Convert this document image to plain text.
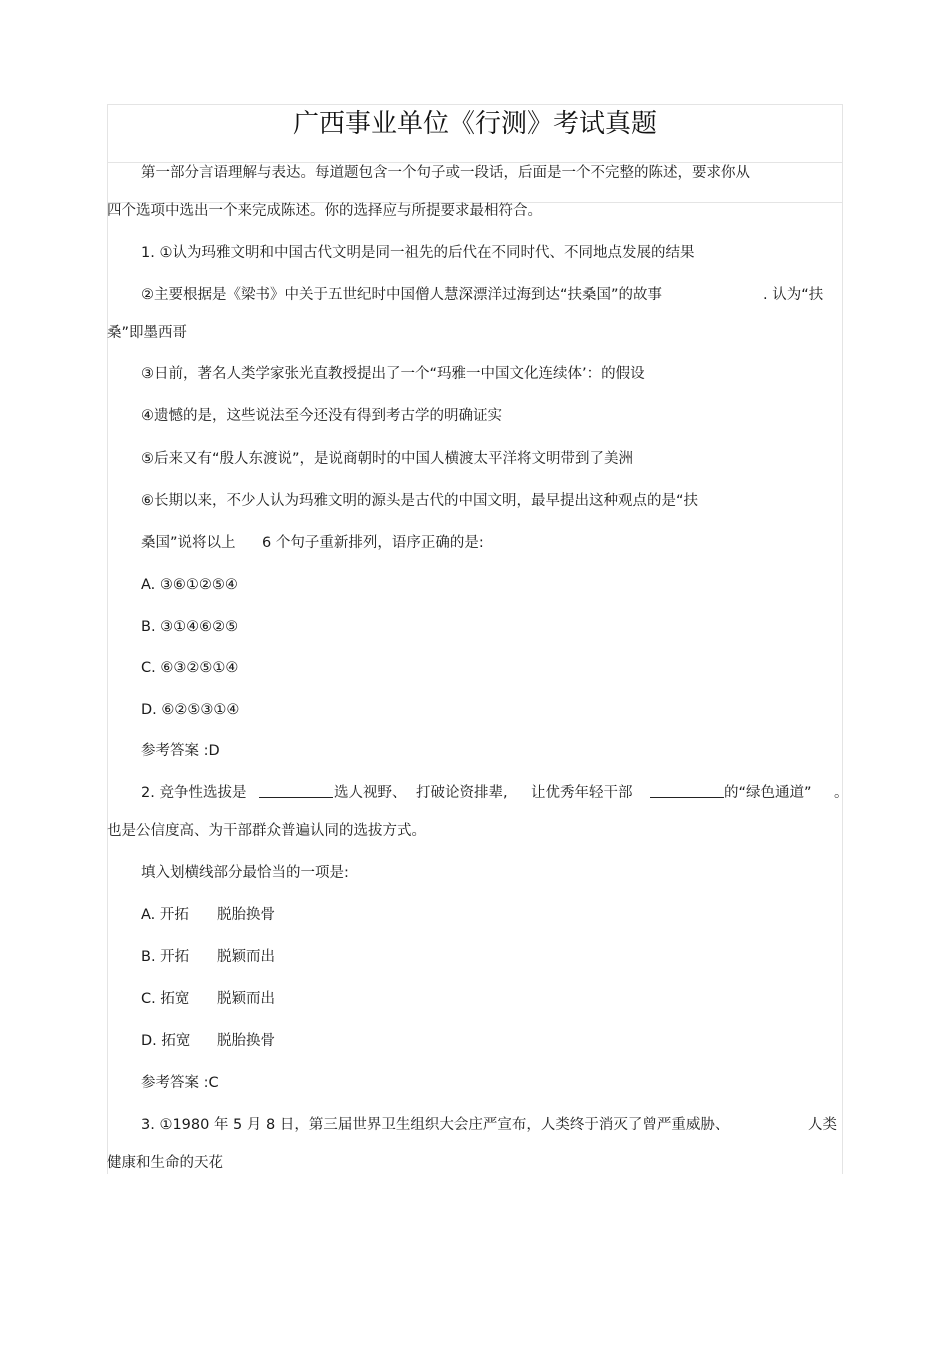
广西事业单位《行测》考试真题
第一部分言语理解与表达。每道题包含一个句子或一段话，后面是一个不完整的陈述，要求你从
四个选项中选出一个来完成陈述。你的选择应与所提要求最相符合。
1. ①认为玛雅文明和中国古代文明是同一祖先的后代在不同时代、不同地点发展的结果
②主要根据是《梁书》中关于五世纪时中国僧人慧深漂洋过海到达“扶桑国”的故事	. 认为“扶
桑”即墨西哥
③日前，著名人类学家张光直教授提出了一个“玛雅一中国文化连续体’：的假设
④遗憾的是，这些说法至今还没有得到考古学的明确证实
⑤后来又有“殷人东渡说”，是说商朝时的中国人横渡太平洋将文明带到了美洲
⑥长期以来，不少人认为玛雅文明的源头是古代的中国文明，最早提出这种观点的是“扶
桑国”说将以上 6 个句子重新排列，语序正确的是:
A. ③⑥①②⑤④
B. ③①④⑥②⑤
C. ⑥③②⑤①④
D. ⑥②⑤③①④
参考答案 :D
2. 竞争性选拔是	选人视野、 打破论资排辈, 让优秀年轻干部	的“绿色通道” 。
也是公信度高、为干部群众普遍认同的选拔方式。
填入划横线部分最恰当的一项是:
A. 开拓 脱胎换骨
B. 开拓 脱颖而出
C. 拓宽 脱颖而出
D. 拓宽 脱胎换骨
参考答案 :C
3. ①1980 年 5 月 8 日，第三届世界卫生组织大会庄严宣布，人类终于消灭了曾严重威胁、	人类
健康和生命的天花
